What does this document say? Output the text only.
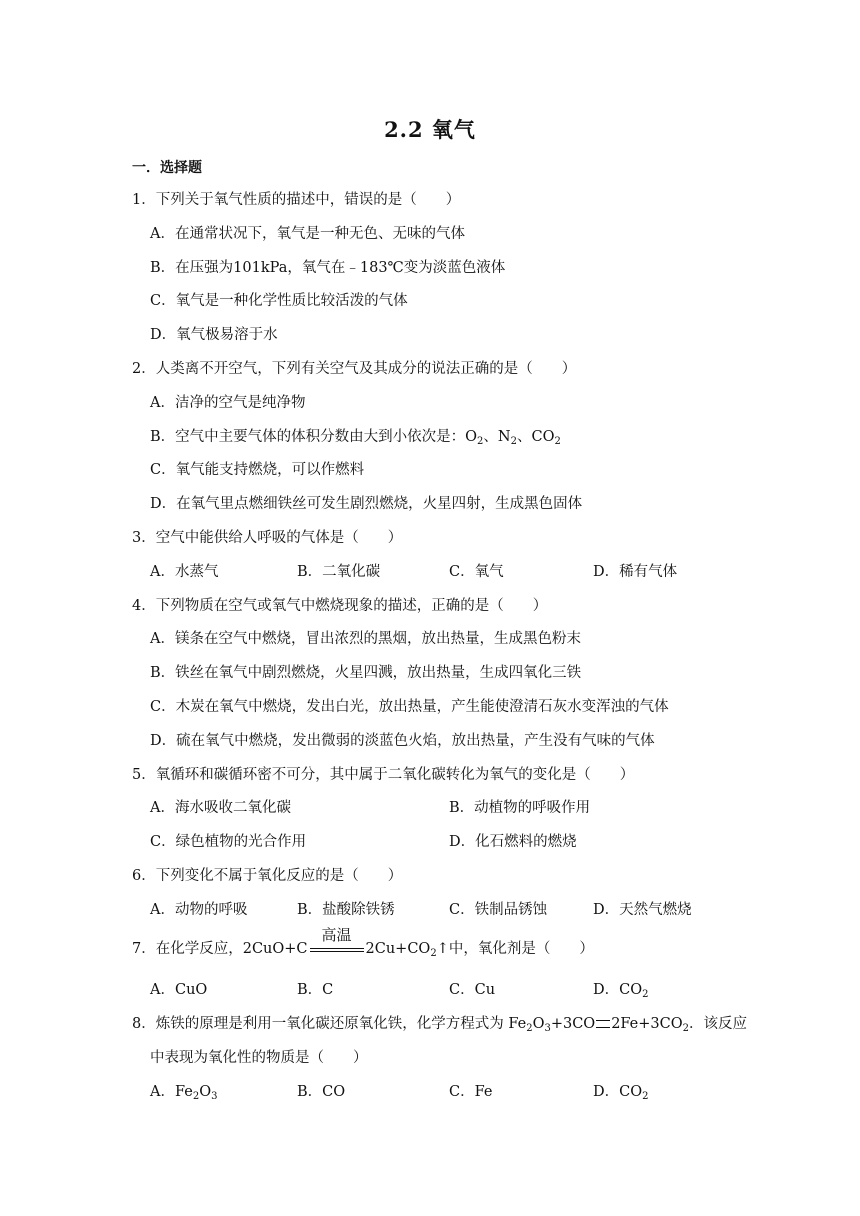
2.2 氧气
一．选择题
1．下列关于氧气性质的描述中，错误的是（　　）
A．在通常状况下，氧气是一种无色、无味的气体
B．在压强为101kPa，氧气在﹣183℃变为淡蓝色液体
C．氧气是一种化学性质比较活泼的气体
D．氧气极易溶于水
2．人类离不开空气，下列有关空气及其成分的说法正确的是（　　）
A．洁净的空气是纯净物
B．空气中主要气体的体积分数由大到小依次是：$O_2$、$N_2$、$CO_2$
C．氧气能支持燃烧，可以作燃料
D．在氧气里点燃细铁丝可发生剧烈燃烧，火星四射，生成黑色固体
3．空气中能供给人呼吸的气体是（　　）
A．水蒸气	B．二氧化碳	C．氧气	D．稀有气体
4．下列物质在空气或氧气中燃烧现象的描述，正确的是（　　）
A．镁条在空气中燃烧，冒出浓烈的黑烟，放出热量，生成黑色粉末
B．铁丝在氧气中剧烈燃烧，火星四溅，放出热量，生成四氧化三铁
C．木炭在氧气中燃烧，发出白光，放出热量，产生能使澄清石灰水变浑浊的气体
D．硫在氧气中燃烧，发出微弱的淡蓝色火焰，放出热量，产生没有气味的气体
5．氧循环和碳循环密不可分，其中属于二氧化碳转化为氧气的变化是（　　）
A．海水吸收二氧化碳	B．动植物的呼吸作用
C．绿色植物的光合作用	D．化石燃料的燃烧
6．下列变化不属于氧化反应的是（　　）
A．动物的呼吸	B．盐酸除铁锈	C．铁制品锈蚀	D．天然气燃烧
7．在化学反应，2CuO+C
高温
$2Cu+CO_2↑$中，氧化剂是（　　）
A．CuO	B．C	C．Cu	D．$CO_2$
8．炼铁的原理是利用一氧化碳还原氧化铁，化学方程式为 $Fe_2O_3+3CO$ $2Fe+3CO_2$．该反应
中表现为氧化性的物质是（　　）
A．$Fe_2O_3$	B．CO	C．Fe	D．$CO_2$
